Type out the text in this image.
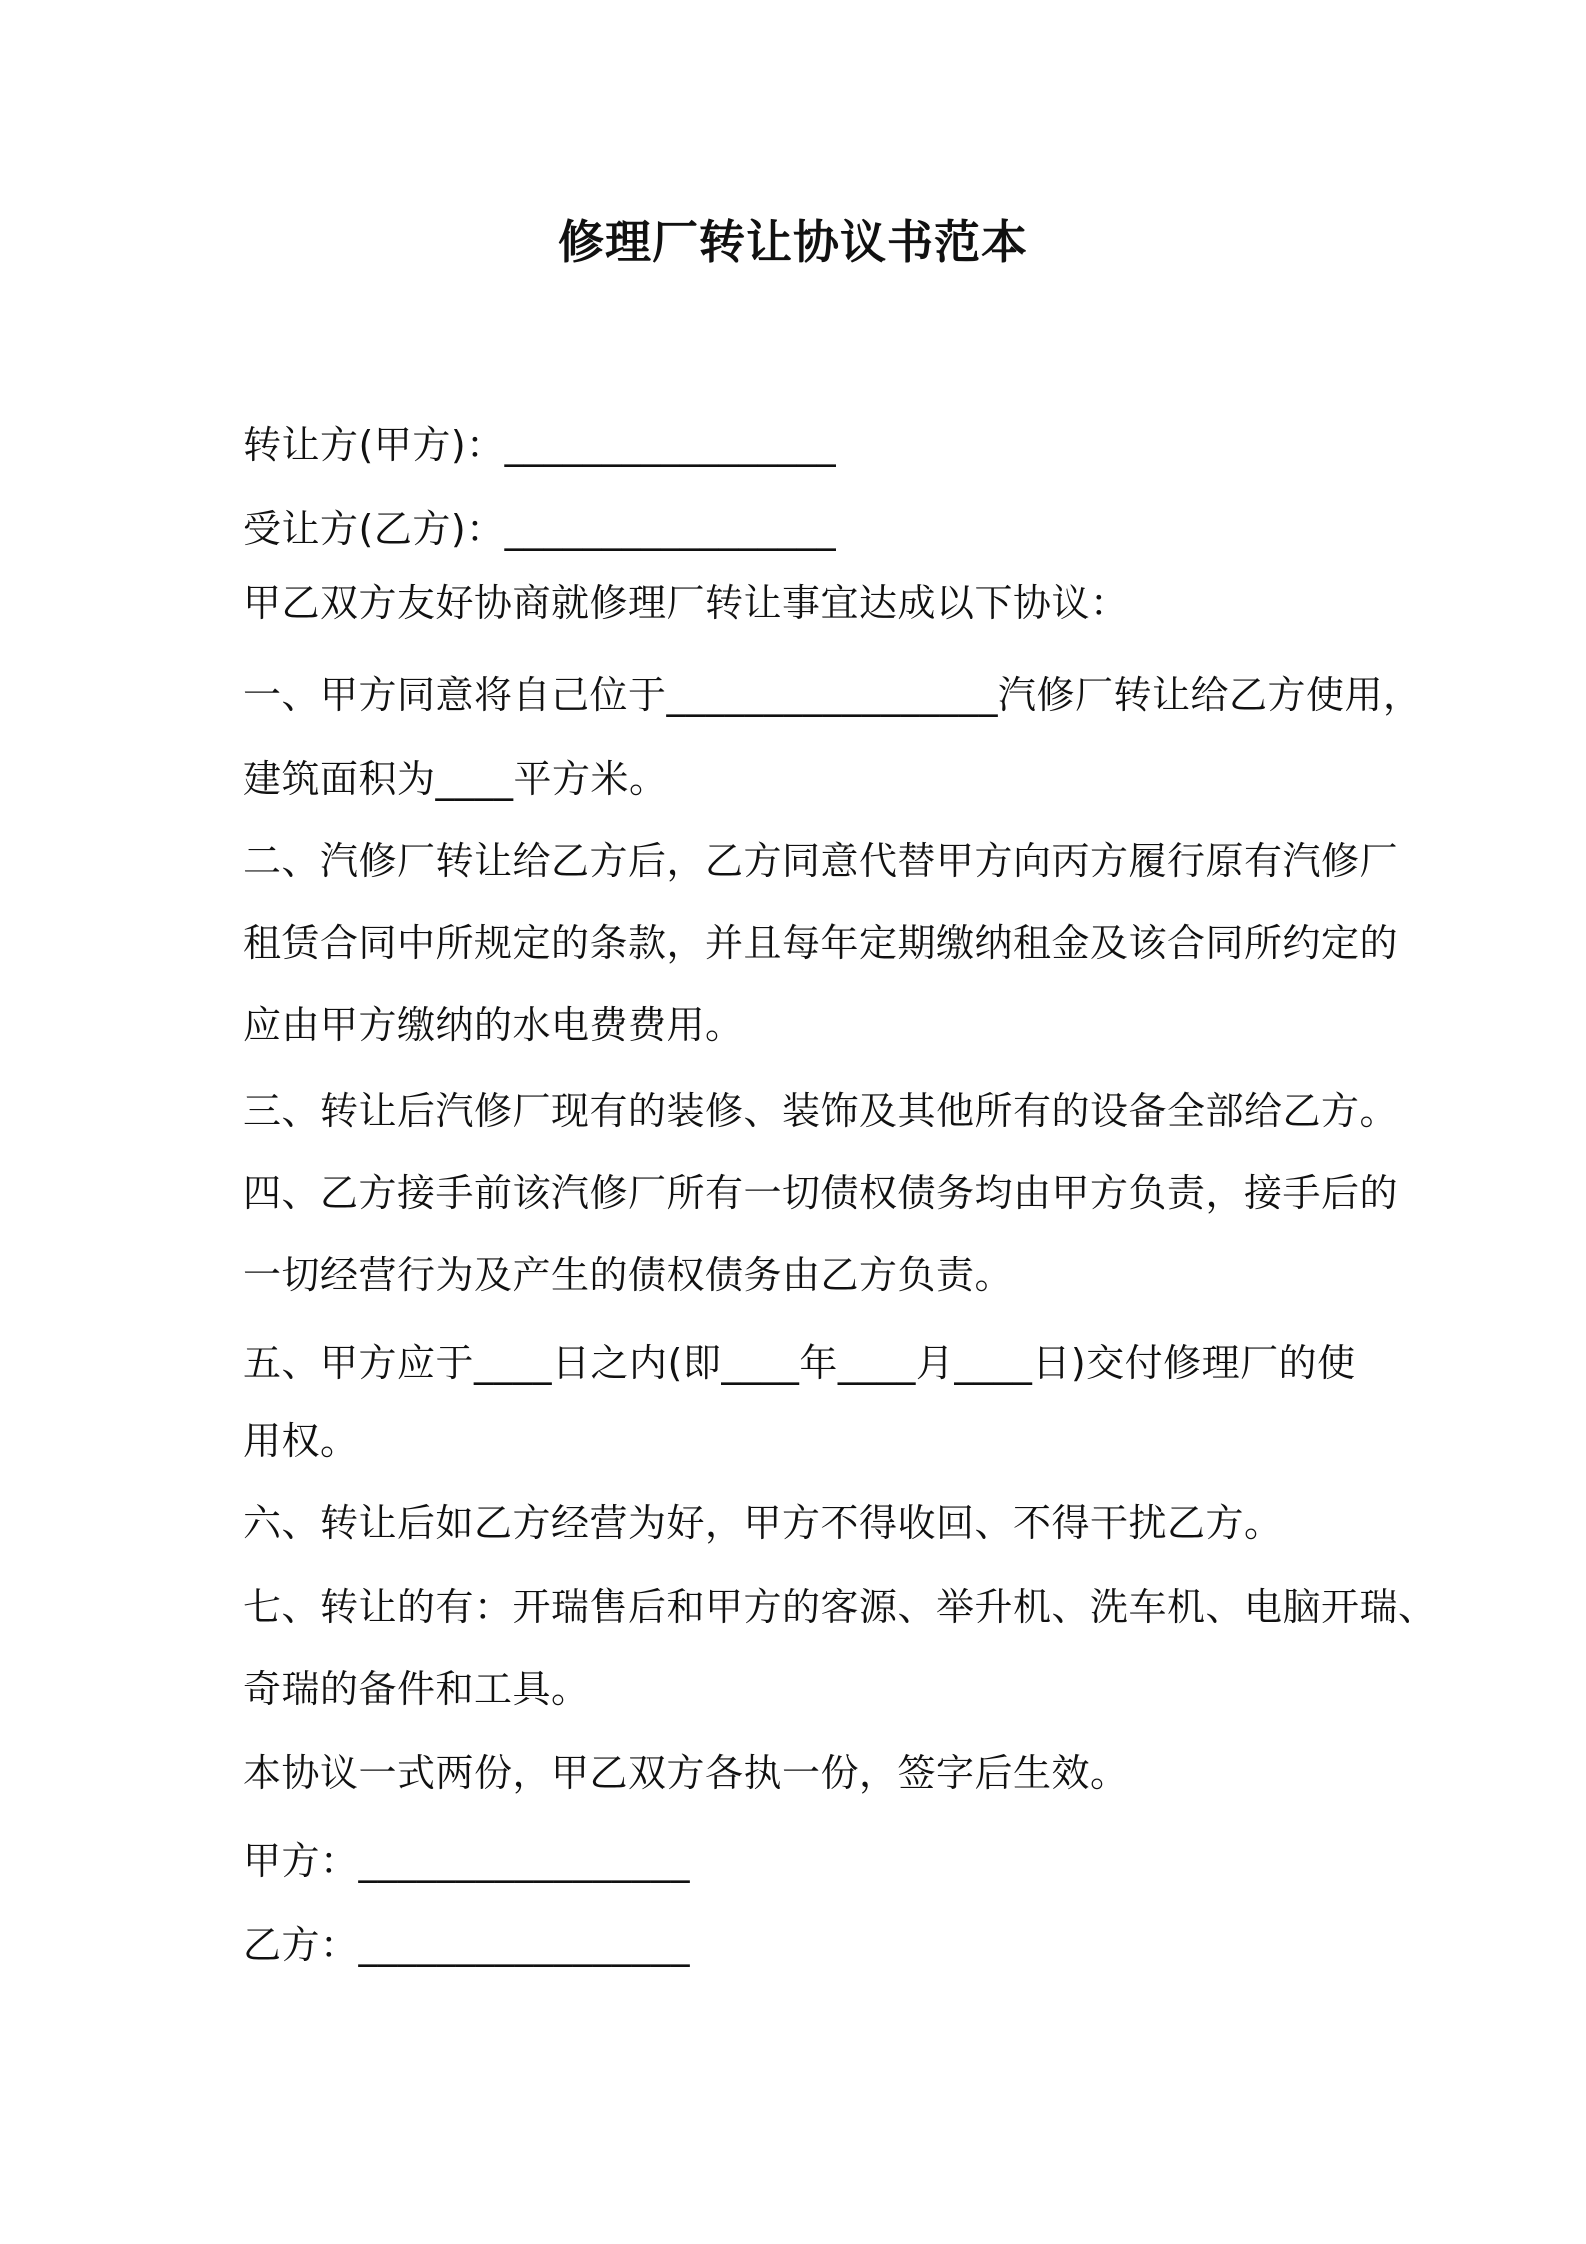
修理厂转让协议书范本
转让方(甲方)：_________________
受让方(乙方)：_________________
甲乙双方友好协商就修理厂转让事宜达成以下协议：
一、甲方同意将自己位于_________________汽修厂转让给乙方使用，
建筑面积为____平方米。
二、汽修厂转让给乙方后，乙方同意代替甲方向丙方履行原有汽修厂
租赁合同中所规定的条款，并且每年定期缴纳租金及该合同所约定的
应由甲方缴纳的水电费费用。
三、转让后汽修厂现有的装修、装饰及其他所有的设备全部给乙方。
四、乙方接手前该汽修厂所有一切债权债务均由甲方负责，接手后的
一切经营行为及产生的债权债务由乙方负责。
五、甲方应于____日之内(即____年____月____日)交付修理厂的使
用权。
六、转让后如乙方经营为好，甲方不得收回、不得干扰乙方。
七、转让的有：开瑞售后和甲方的客源、举升机、洗车机、电脑开瑞、
奇瑞的备件和工具。
本协议一式两份，甲乙双方各执一份，签字后生效。
甲方：_________________
乙方：_________________
